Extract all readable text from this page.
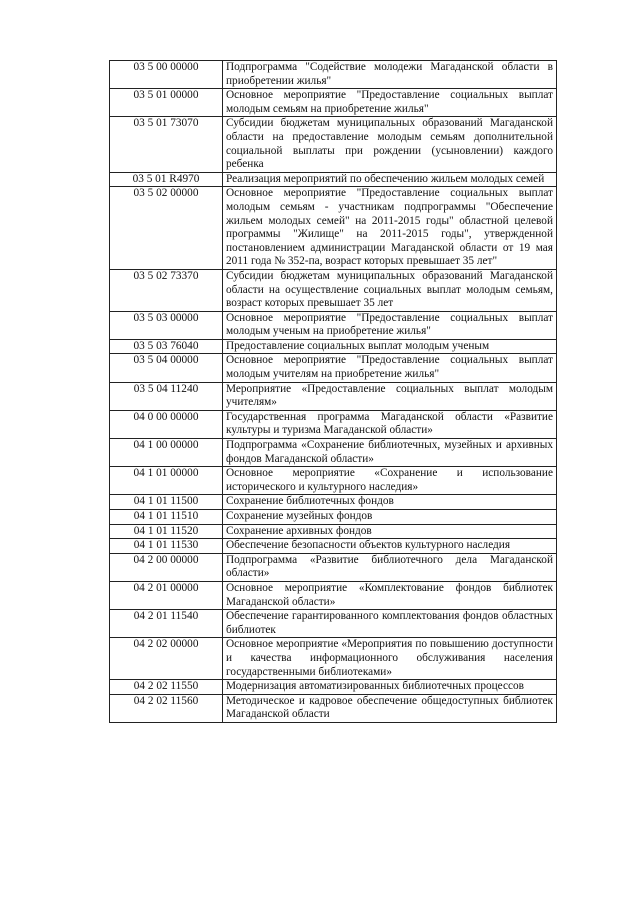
03 5 00 00000	Подпрограмма "Содействие молодежи Магаданской области в приобретении жилья"
03 5 01 00000	Основное мероприятие "Предоставление социальных выплат молодым семьям на приобретение жилья"
03 5 01 73070	Субсидии бюджетам муниципальных образований Магаданской области на предоставление молодым семьям дополнительной социальной выплаты при рождении (усыновлении) каждого ребенка
03 5 01 R4970	Реализация мероприятий по обеспечению жильем молодых семей
03 5 02 00000	Основное мероприятие "Предоставление социальных выплат молодым семьям - участникам подпрограммы "Обеспечение жильем молодых семей" на 2011-2015 годы" областной целевой программы "Жилище" на 2011-2015 годы", утвержденной постановлением администрации Магаданской области от 19 мая 2011 года № 352-па, возраст которых превышает 35 лет"
03 5 02 73370	Субсидии бюджетам муниципальных образований Магаданской области на осуществление социальных выплат молодым семьям, возраст которых превышает 35 лет
03 5 03 00000	Основное мероприятие "Предоставление социальных выплат молодым ученым на приобретение жилья"
03 5 03 76040	Предоставление социальных выплат молодым ученым
03 5 04 00000	Основное мероприятие "Предоставление социальных выплат молодым учителям на приобретение жилья"
03 5 04 11240	Мероприятие «Предоставление социальных выплат молодым учителям»
04 0 00 00000	Государственная программа Магаданской области «Развитие культуры и туризма Магаданской области»
04 1 00 00000	Подпрограмма «Сохранение библиотечных, музейных и архивных фондов Магаданской области»
04 1 01 00000	Основное мероприятие «Сохранение и использование исторического и культурного наследия»
04 1 01 11500	Сохранение библиотечных фондов
04 1 01 11510	Сохранение музейных фондов
04 1 01 11520	Сохранение архивных фондов
04 1 01 11530	Обеспечение безопасности объектов культурного наследия
04 2 00 00000	Подпрограмма «Развитие библиотечного дела Магаданской области»
04 2 01 00000	Основное мероприятие «Комплектование фондов библиотек Магаданской области»
04 2 01 11540	Обеспечение гарантированного комплектования фондов областных библиотек
04 2 02 00000	Основное мероприятие «Мероприятия по повышению доступности и качества информационного обслуживания населения государственными библиотеками»
04 2 02 11550	Модернизация автоматизированных библиотечных процессов
04 2 02 11560	Методическое и кадровое обеспечение общедоступных библиотек Магаданской области
